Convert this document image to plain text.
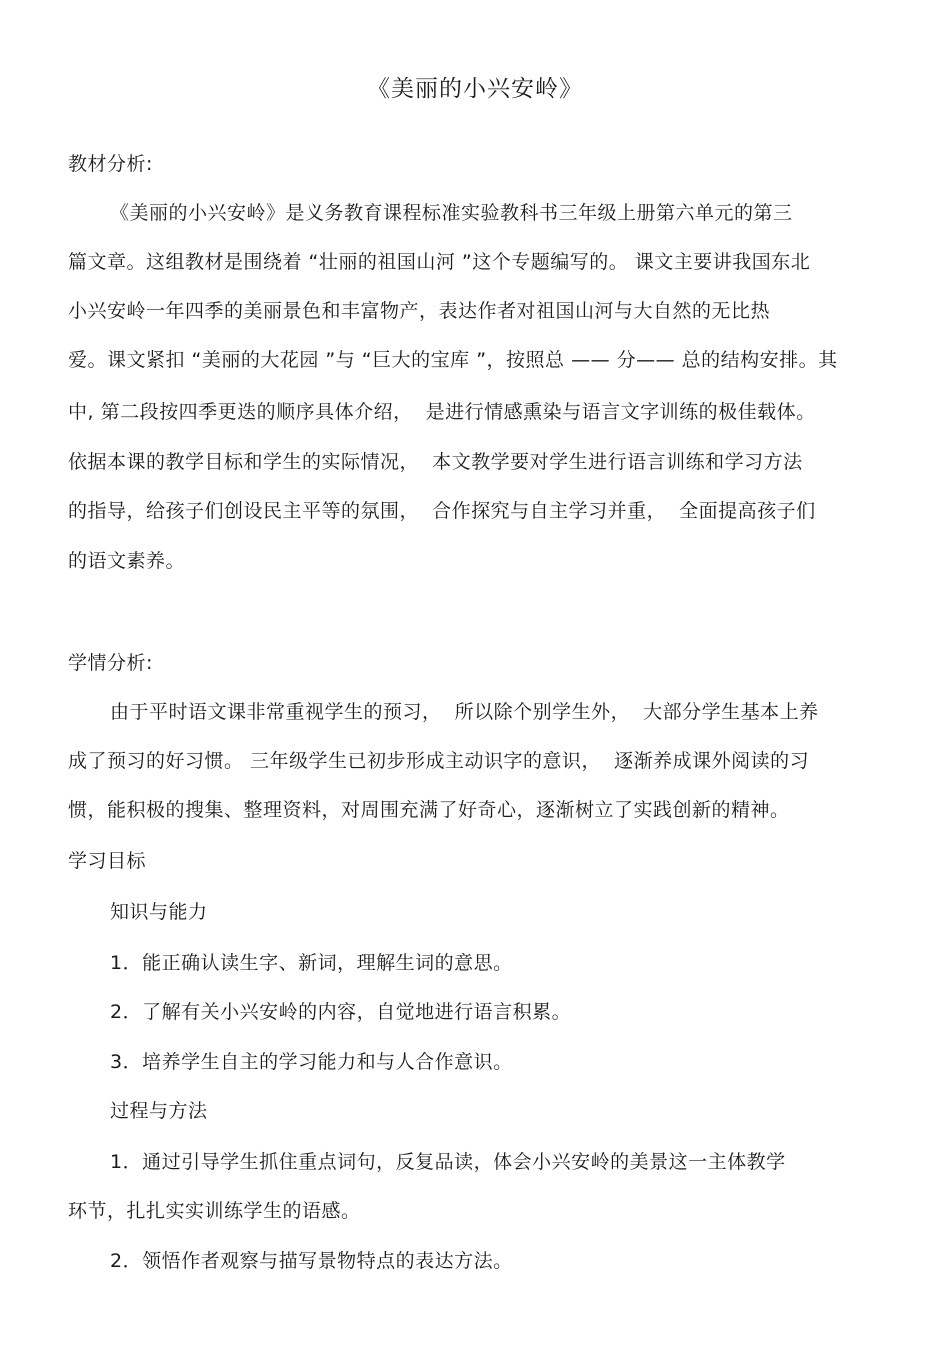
《美丽的小兴安岭》
教材分析:
《美丽的小兴安岭》是义务教育课程标准实验教科书三年级上册第六单元的第三
篇文章。这组教材是围绕着 “壮丽的祖国山河 ”这个专题编写的。 课文主要讲我国东北
小兴安岭一年四季的美丽景色和丰富物产，表达作者对祖国山河与大自然的无比热
爱。课文紧扣 “美丽的大花园 ”与 “巨大的宝库 ”，按照总 —— 分—— 总的结构安排。其
中, 第二段按四季更迭的顺序具体介绍，  是进行情感熏染与语言文字训练的极佳载体。
依据本课的教学目标和学生的实际情况，  本文教学要对学生进行语言训练和学习方法
的指导，给孩子们创设民主平等的氛围，  合作探究与自主学习并重，  全面提高孩子们
的语文素养。
学情分析:
由于平时语文课非常重视学生的预习，  所以除个别学生外，  大部分学生基本上养
成了预习的好习惯。 三年级学生已初步形成主动识字的意识，  逐渐养成课外阅读的习
惯，能积极的搜集、整理资料，对周围充满了好奇心，逐渐树立了实践创新的精神。
学习目标
知识与能力
1．能正确认读生字、新词，理解生词的意思。
2．了解有关小兴安岭的内容，自觉地进行语言积累。
3．培养学生自主的学习能力和与人合作意识。
过程与方法
1．通过引导学生抓住重点词句，反复品读，体会小兴安岭的美景这一主体教学
环节，扎扎实实训练学生的语感。
2．领悟作者观察与描写景物特点的表达方法。
